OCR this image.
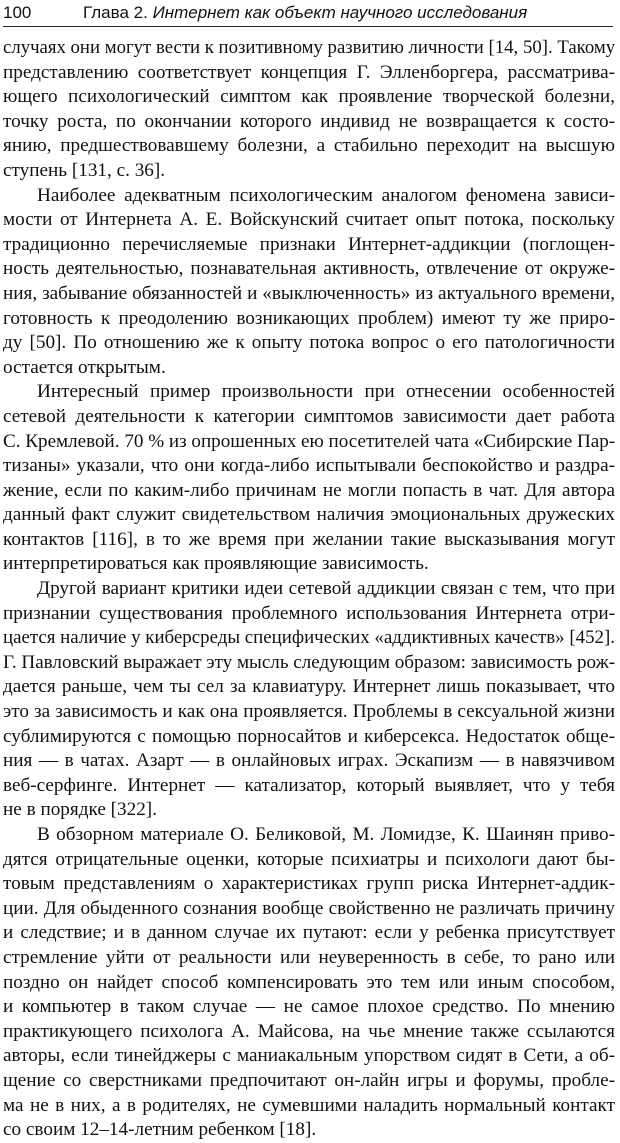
100	Глава 2. Интернет как объект научного исследования

случаях они могут вести к позитивному развитию личности [14, 50]. Такому
представлению соответствует концепция Г. Элленборгера, рассматрива-
ющего психологический симптом как проявление творческой болезни,
точку роста, по окончании которого индивид не возвращается к состо-
янию, предшествовавшему болезни, а стабильно переходит на высшую
ступень [131, с. 36].

Наиболее адекватным психологическим аналогом феномена зависи-
мости от Интернета А. Е. Войскунский считает опыт потока, поскольку
традиционно перечисляемые признаки Интернет-аддикции (поглощен-
ность деятельностью, познавательная активность, отвлечение от окруже-
ния, забывание обязанностей и «выключенность» из актуального времени,
готовность к преодолению возникающих проблем) имеют ту же приро-
ду [50]. По отношению же к опыту потока вопрос о его патологичности
остается открытым.

Интересный пример произвольности при отнесении особенностей
сетевой деятельности к категории симптомов зависимости дает работа
С. Кремлевой. 70 % из опрошенных ею посетителей чата «Сибирские Пар-
тизаны» указали, что они когда-либо испытывали беспокойство и раздра-
жение, если по каким-либо причинам не могли попасть в чат. Для автора
данный факт служит свидетельством наличия эмоциональных дружеских
контактов [116], в то же время при желании такие высказывания могут
интерпретироваться как проявляющие зависимость.

Другой вариант критики идеи сетевой аддикции связан с тем, что при
признании существования проблемного использования Интернета отри-
цается наличие у киберсреды специфических «аддиктивных качеств» [452].
Г. Павловский выражает эту мысль следующим образом: зависимость рож-
дается раньше, чем ты сел за клавиатуру. Интернет лишь показывает, что
это за зависимость и как она проявляется. Проблемы в сексуальной жизни
сублимируются с помощью порносайтов и киберсекса. Недостаток обще-
ния — в чатах. Азарт — в онлайновых играх. Эскапизм — в навязчивом
веб-серфинге. Интернет — катализатор, который выявляет, что у тебя
не в порядке [322].

В обзорном материале О. Беликовой, М. Ломидзе, К. Шаинян приво-
дятся отрицательные оценки, которые психиатры и психологи дают бы-
товым представлениям о характеристиках групп риска Интернет-аддик-
ции. Для обыденного сознания вообще свойственно не различать причину
и следствие; и в данном случае их путают: если у ребенка присутствует
стремление уйти от реальности или неуверенность в себе, то рано или
поздно он найдет способ компенсировать это тем или иным способом,
и компьютер в таком случае — не самое плохое средство. По мнению
практикующего психолога А. Майсова, на чье мнение также ссылаются
авторы, если тинейджеры с маниакальным упорством сидят в Сети, а об-
щение со сверстниками предпочитают он-лайн игры и форумы, пробле-
ма не в них, а в родителях, не сумевшими наладить нормальный контакт
со своим 12–14-летним ребенком [18].
